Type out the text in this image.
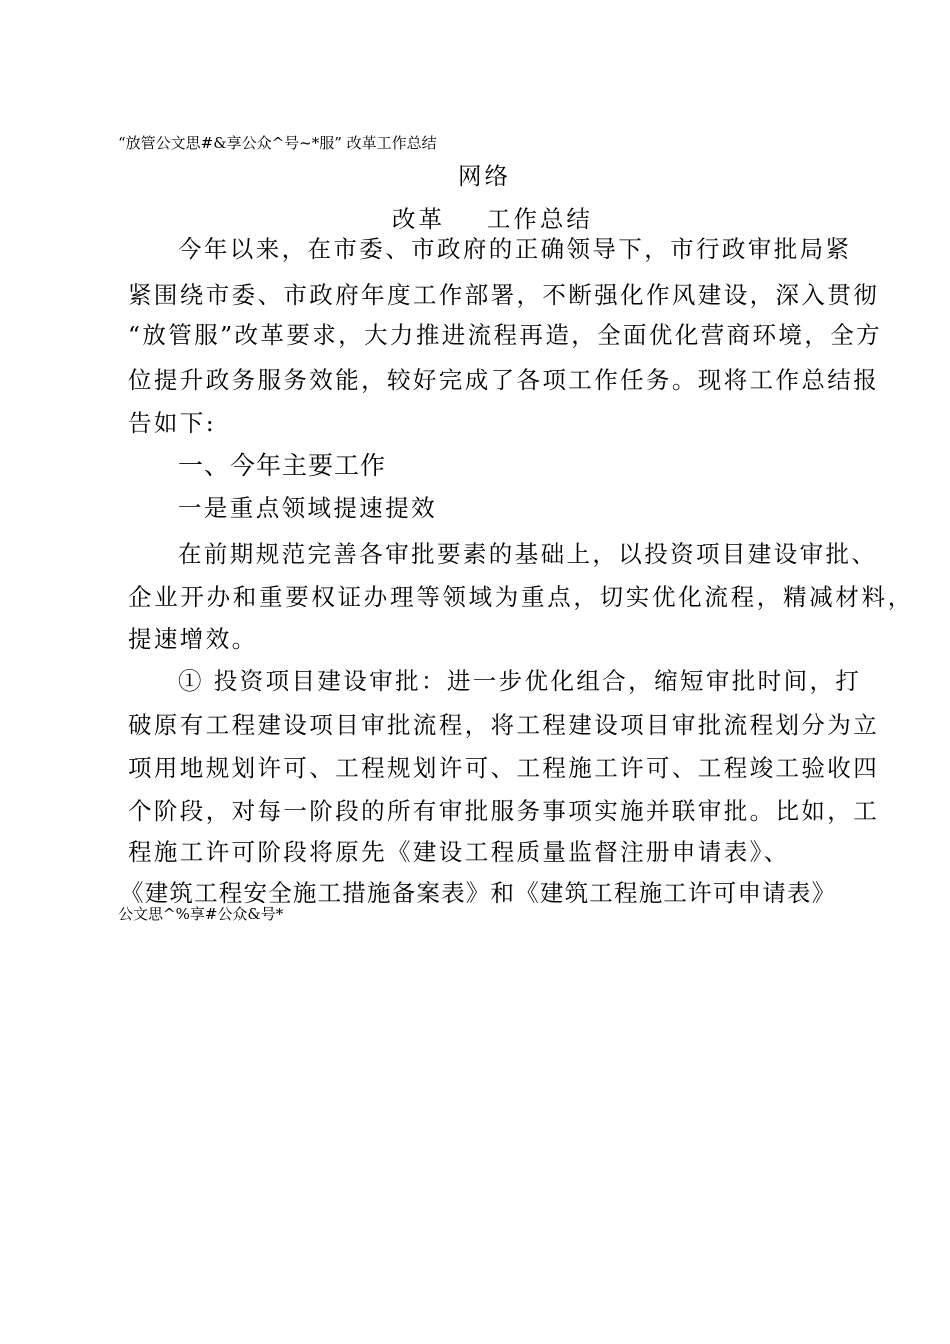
“放管公文思#&享公众^号~*服” 改革工作总结
网络
改革    工作总结
今年以来，在市委、市政府的正确领导下，市行政审批局紧
紧围绕市委、市政府年度工作部署，不断强化作风建设，深入贯彻
“放管服”改革要求，大力推进流程再造，全面优化营商环境，全方
位提升政务服务效能，较好完成了各项工作任务。现将工作总结报
告如下:
一、今年主要工作
一是重点领域提速提效
在前期规范完善各审批要素的基础上，以投资项目建设审批、
企业开办和重要权证办理等领域为重点，切实优化流程，精减材料，
提速增效。
① 投资项目建设审批：进一步优化组合，缩短审批时间，打
破原有工程建设项目审批流程，将工程建设项目审批流程划分为立
项用地规划许可、工程规划许可、工程施工许可、工程竣工验收四
个阶段，对每一阶段的所有审批服务事项实施并联审批。比如，工
程施工许可阶段将原先《建设工程质量监督注册申请表》、
《建筑工程安全施工措施备案表》和《建筑工程施工许可申请表》
公文思^%享#公众&号*
